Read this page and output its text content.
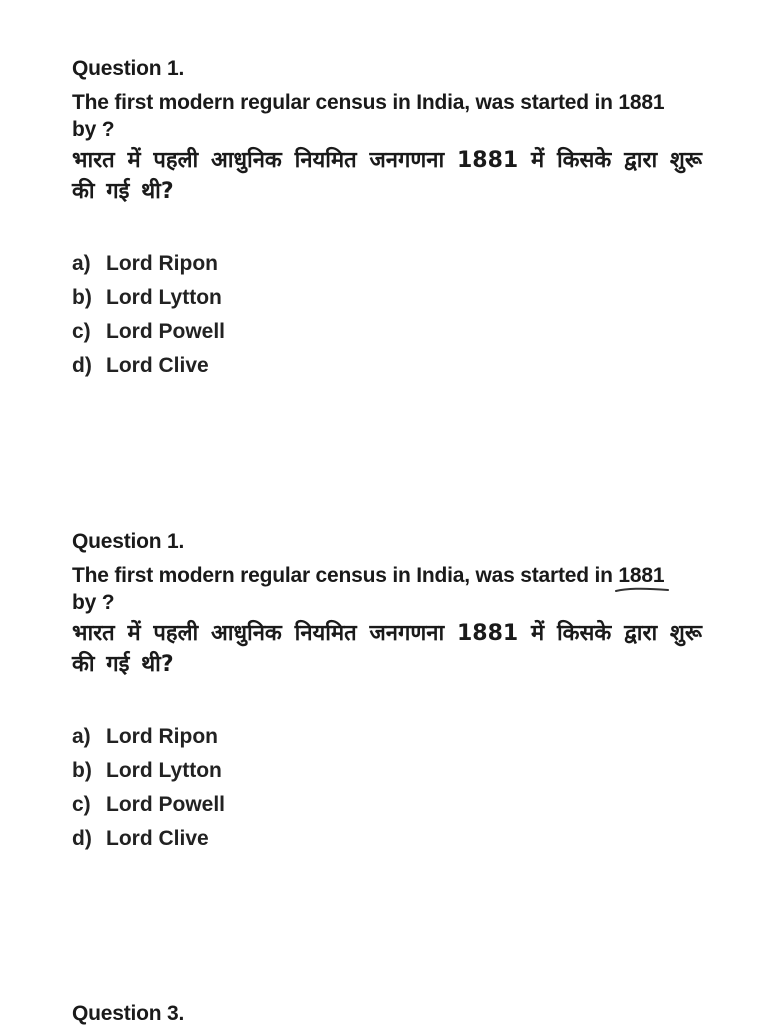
Question 1.

The first modern regular census in India, was started in 1881
by ?

भारत में पहली आधुनिक नियमित जनगणना 1881 में किसके द्वारा शुरू की गई थी?

a) Lord Ripon
b) Lord Lytton
c) Lord Powell
d) Lord Clive
Question 1.

The first modern regular census in India, was started in 1881

by ?

भारत में पहली आधुनिक नियमित जनगणना 1881 में किसके द्वारा शुरू की गई थी?

a) Lord Ripon
b) Lord Lytton
c) Lord Powell
d) Lord Clive
Question 3.
